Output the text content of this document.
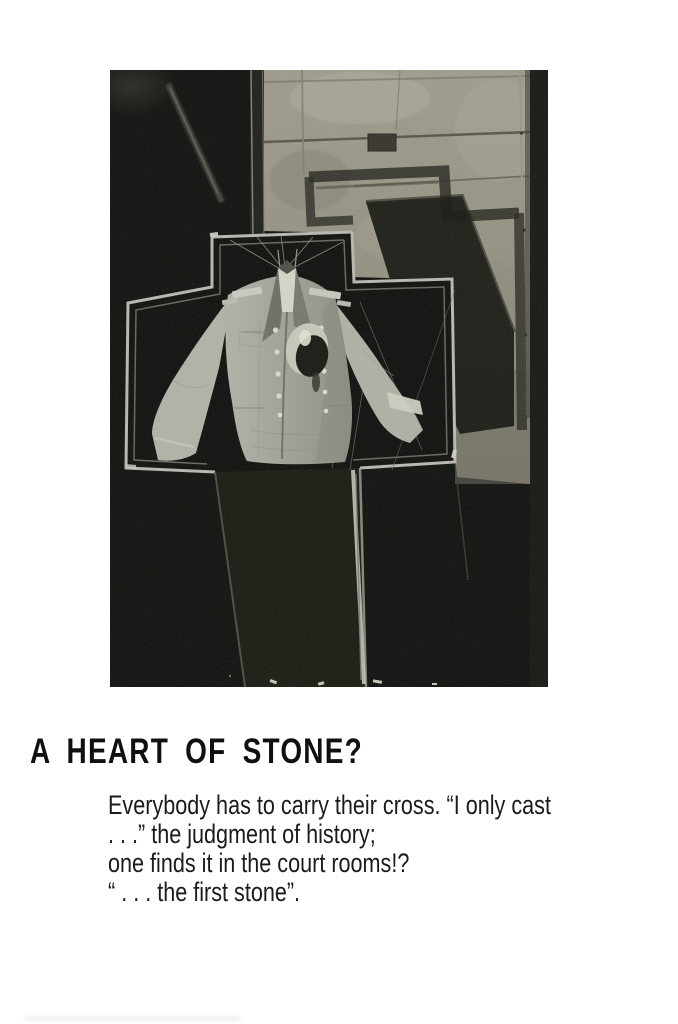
A HEART OF STONE?
Everybody has to carry their cross. “I only cast
. . .” the judgment of history;
one finds it in the court rooms!?
“ . . . the first stone”.
